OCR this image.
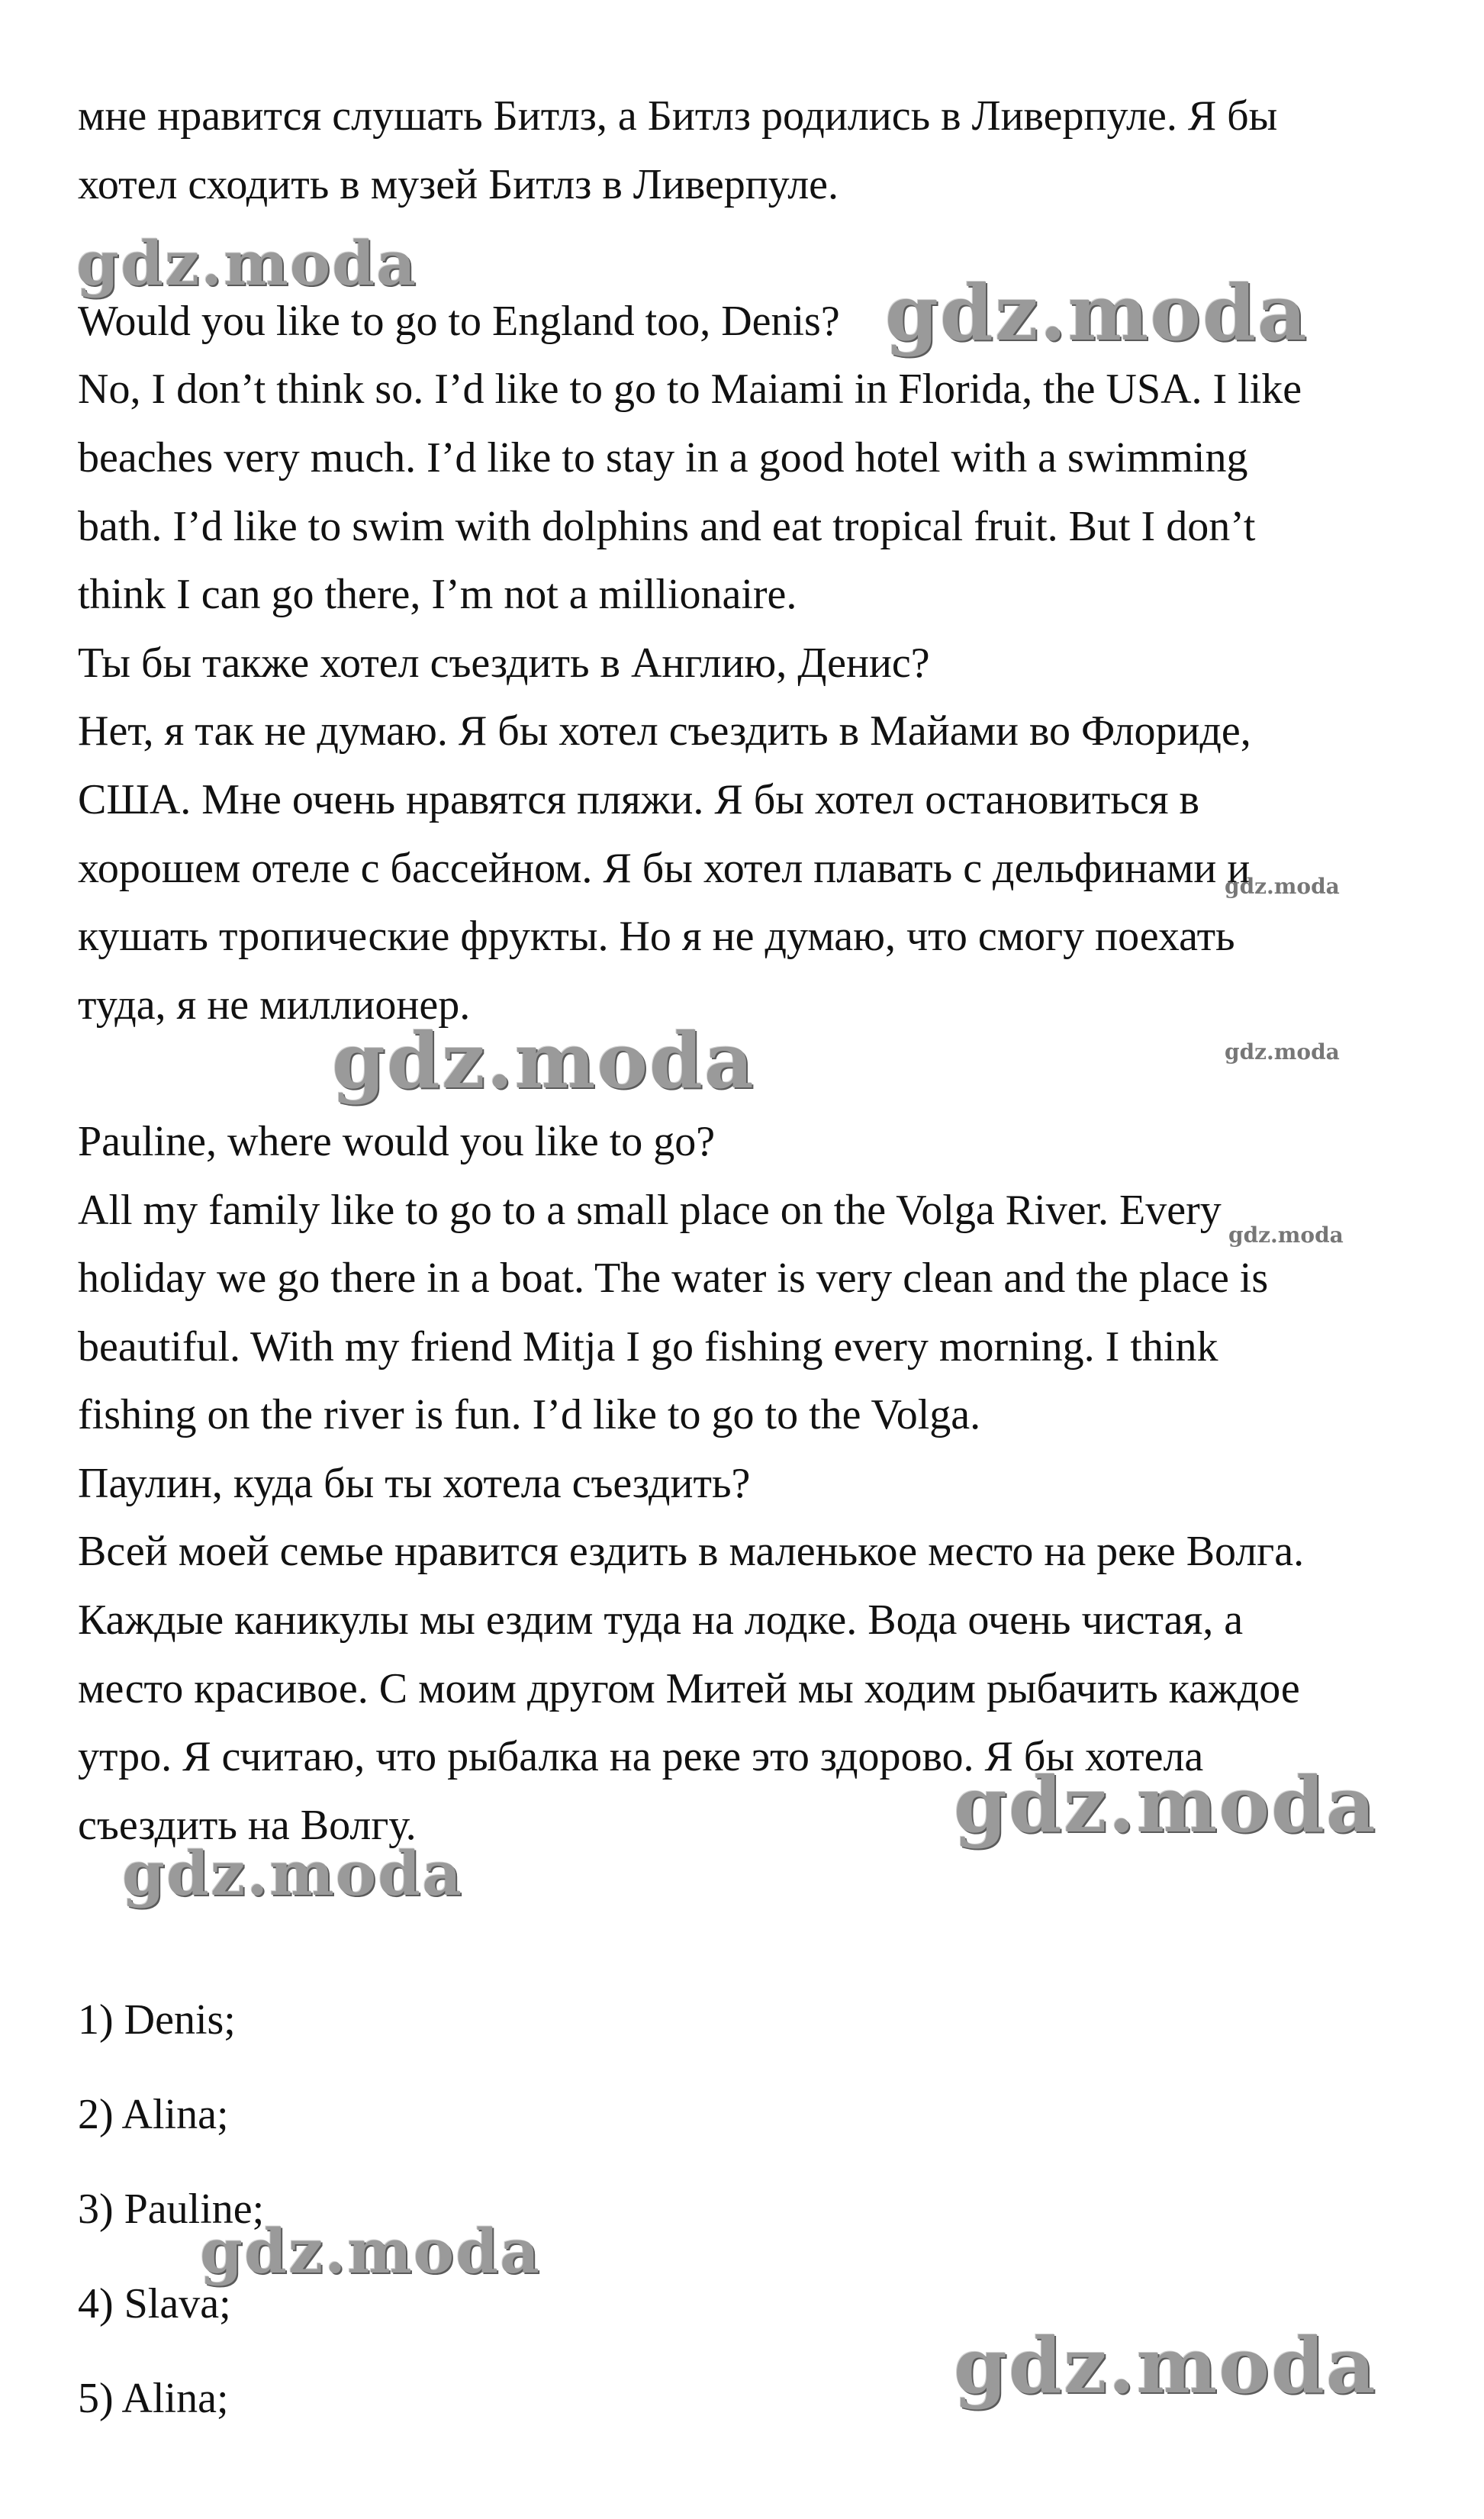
мне нравится слушать Битлз, а Битлз родились в Ливерпуле. Я бы
хотел сходить в музей Битлз в Ливерпуле.
Would you like to go to England too, Denis?
No, I don’t think so. I’d like to go to Maiami in Florida, the USA. I like
beaches very much. I’d like to stay in a good hotel with a swimming
bath. I’d like to swim with dolphins and eat tropical fruit. But I don’t
think I can go there, I’m not a millionaire.
Ты бы также хотел съездить в Англию, Денис?
Нет, я так не думаю. Я бы хотел съездить в Майами во Флориде,
США. Мне очень нравятся пляжи. Я бы хотел остановиться в
хорошем отеле с бассейном. Я бы хотел плавать с дельфинами и
кушать тропические фрукты. Но я не думаю, что смогу поехать
туда, я не миллионер.
Pauline, where would you like to go?
All my family like to go to a small place on the Volga River. Every
holiday we go there in a boat. The water is very clean and the place is
beautiful. With my friend Mitja I go fishing every morning. I think
fishing on the river is fun. I’d like to go to the Volga.
Паулин, куда бы ты хотела съездить?
Всей моей семье нравится ездить в маленькое место на реке Волга.
Каждые каникулы мы ездим туда на лодке. Вода очень чистая, а
место красивое. С моим другом Митей мы ходим рыбачить каждое
утро. Я считаю, что рыбалка на реке это здорово. Я бы хотела
съездить на Волгу.
1) Denis;
2) Alina;
3) Pauline;
4) Slava;
5) Alina;
gdz.moda
gdz.moda
gdz.moda
gdz.moda	gdz.moda
gdz.moda
gdz.moda
gdz.moda
gdz.moda
gdz.moda
